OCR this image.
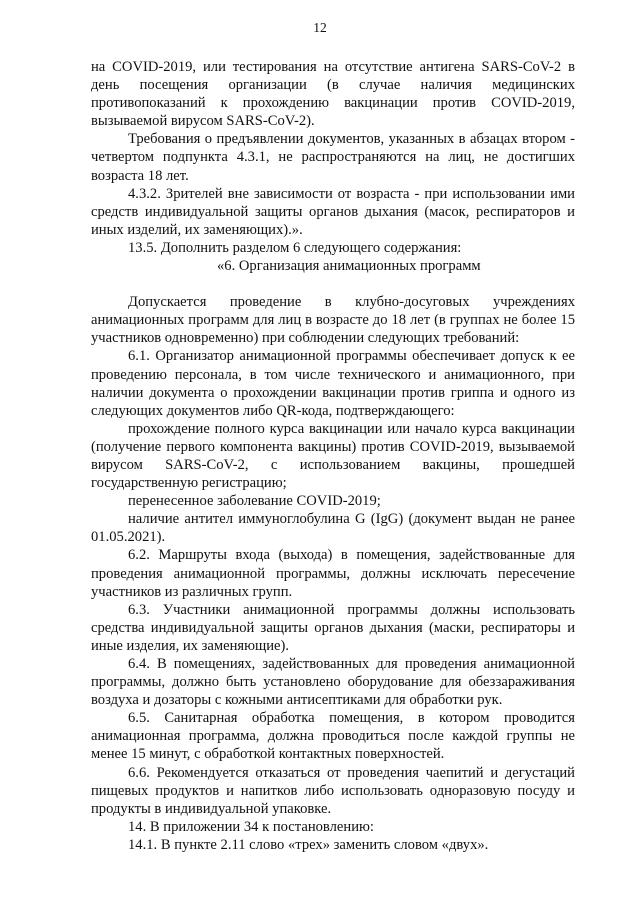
12

на COVID-2019, или тестирования на отсутствие антигена SARS-CoV-2 в день посещения организации (в случае наличия медицинских противопоказаний к прохождению вакцинации против COVID-2019, вызываемой вирусом SARS-CoV-2).

Требования о предъявлении документов, указанных в абзацах втором - четвертом подпункта 4.3.1, не распространяются на лиц, не достигших возраста 18 лет.

4.3.2. Зрителей вне зависимости от возраста - при использовании ими средств индивидуальной защиты органов дыхания (масок, респираторов и иных изделий, их заменяющих).».

13.5. Дополнить разделом 6 следующего содержания:

«6. Организация анимационных программ

Допускается проведение в клубно-досуговых учреждениях анимационных программ для лиц в возрасте до 18 лет (в группах не более 15 участников одновременно) при соблюдении следующих требований:

6.1. Организатор анимационной программы обеспечивает допуск к ее проведению персонала, в том числе технического и анимационного, при наличии документа о прохождении вакцинации против гриппа и одного из следующих документов либо QR-кода, подтверждающего:

прохождение полного курса вакцинации или начало курса вакцинации (получение первого компонента вакцины) против COVID-2019, вызываемой вирусом SARS-CoV-2, с использованием вакцины, прошедшей государственную регистрацию;

перенесенное заболевание COVID-2019;

наличие антител иммуноглобулина G (IgG) (документ выдан не ранее 01.05.2021).

6.2. Маршруты входа (выхода) в помещения, задействованные для проведения анимационной программы, должны исключать пересечение участников из различных групп.

6.3. Участники анимационной программы должны использовать средства индивидуальной защиты органов дыхания (маски, респираторы и иные изделия, их заменяющие).

6.4. В помещениях, задействованных для проведения анимационной программы, должно быть установлено оборудование для обеззараживания воздуха и дозаторы с кожными антисептиками для обработки рук.

6.5. Санитарная обработка помещения, в котором проводится анимационная программа, должна проводиться после каждой группы не менее 15 минут, с обработкой контактных поверхностей.

6.6. Рекомендуется отказаться от проведения чаепитий и дегустаций пищевых продуктов и напитков либо использовать одноразовую посуду и продукты в индивидуальной упаковке.

14. В приложении 34 к постановлению:

14.1. В пункте 2.11 слово «трех» заменить словом «двух».
